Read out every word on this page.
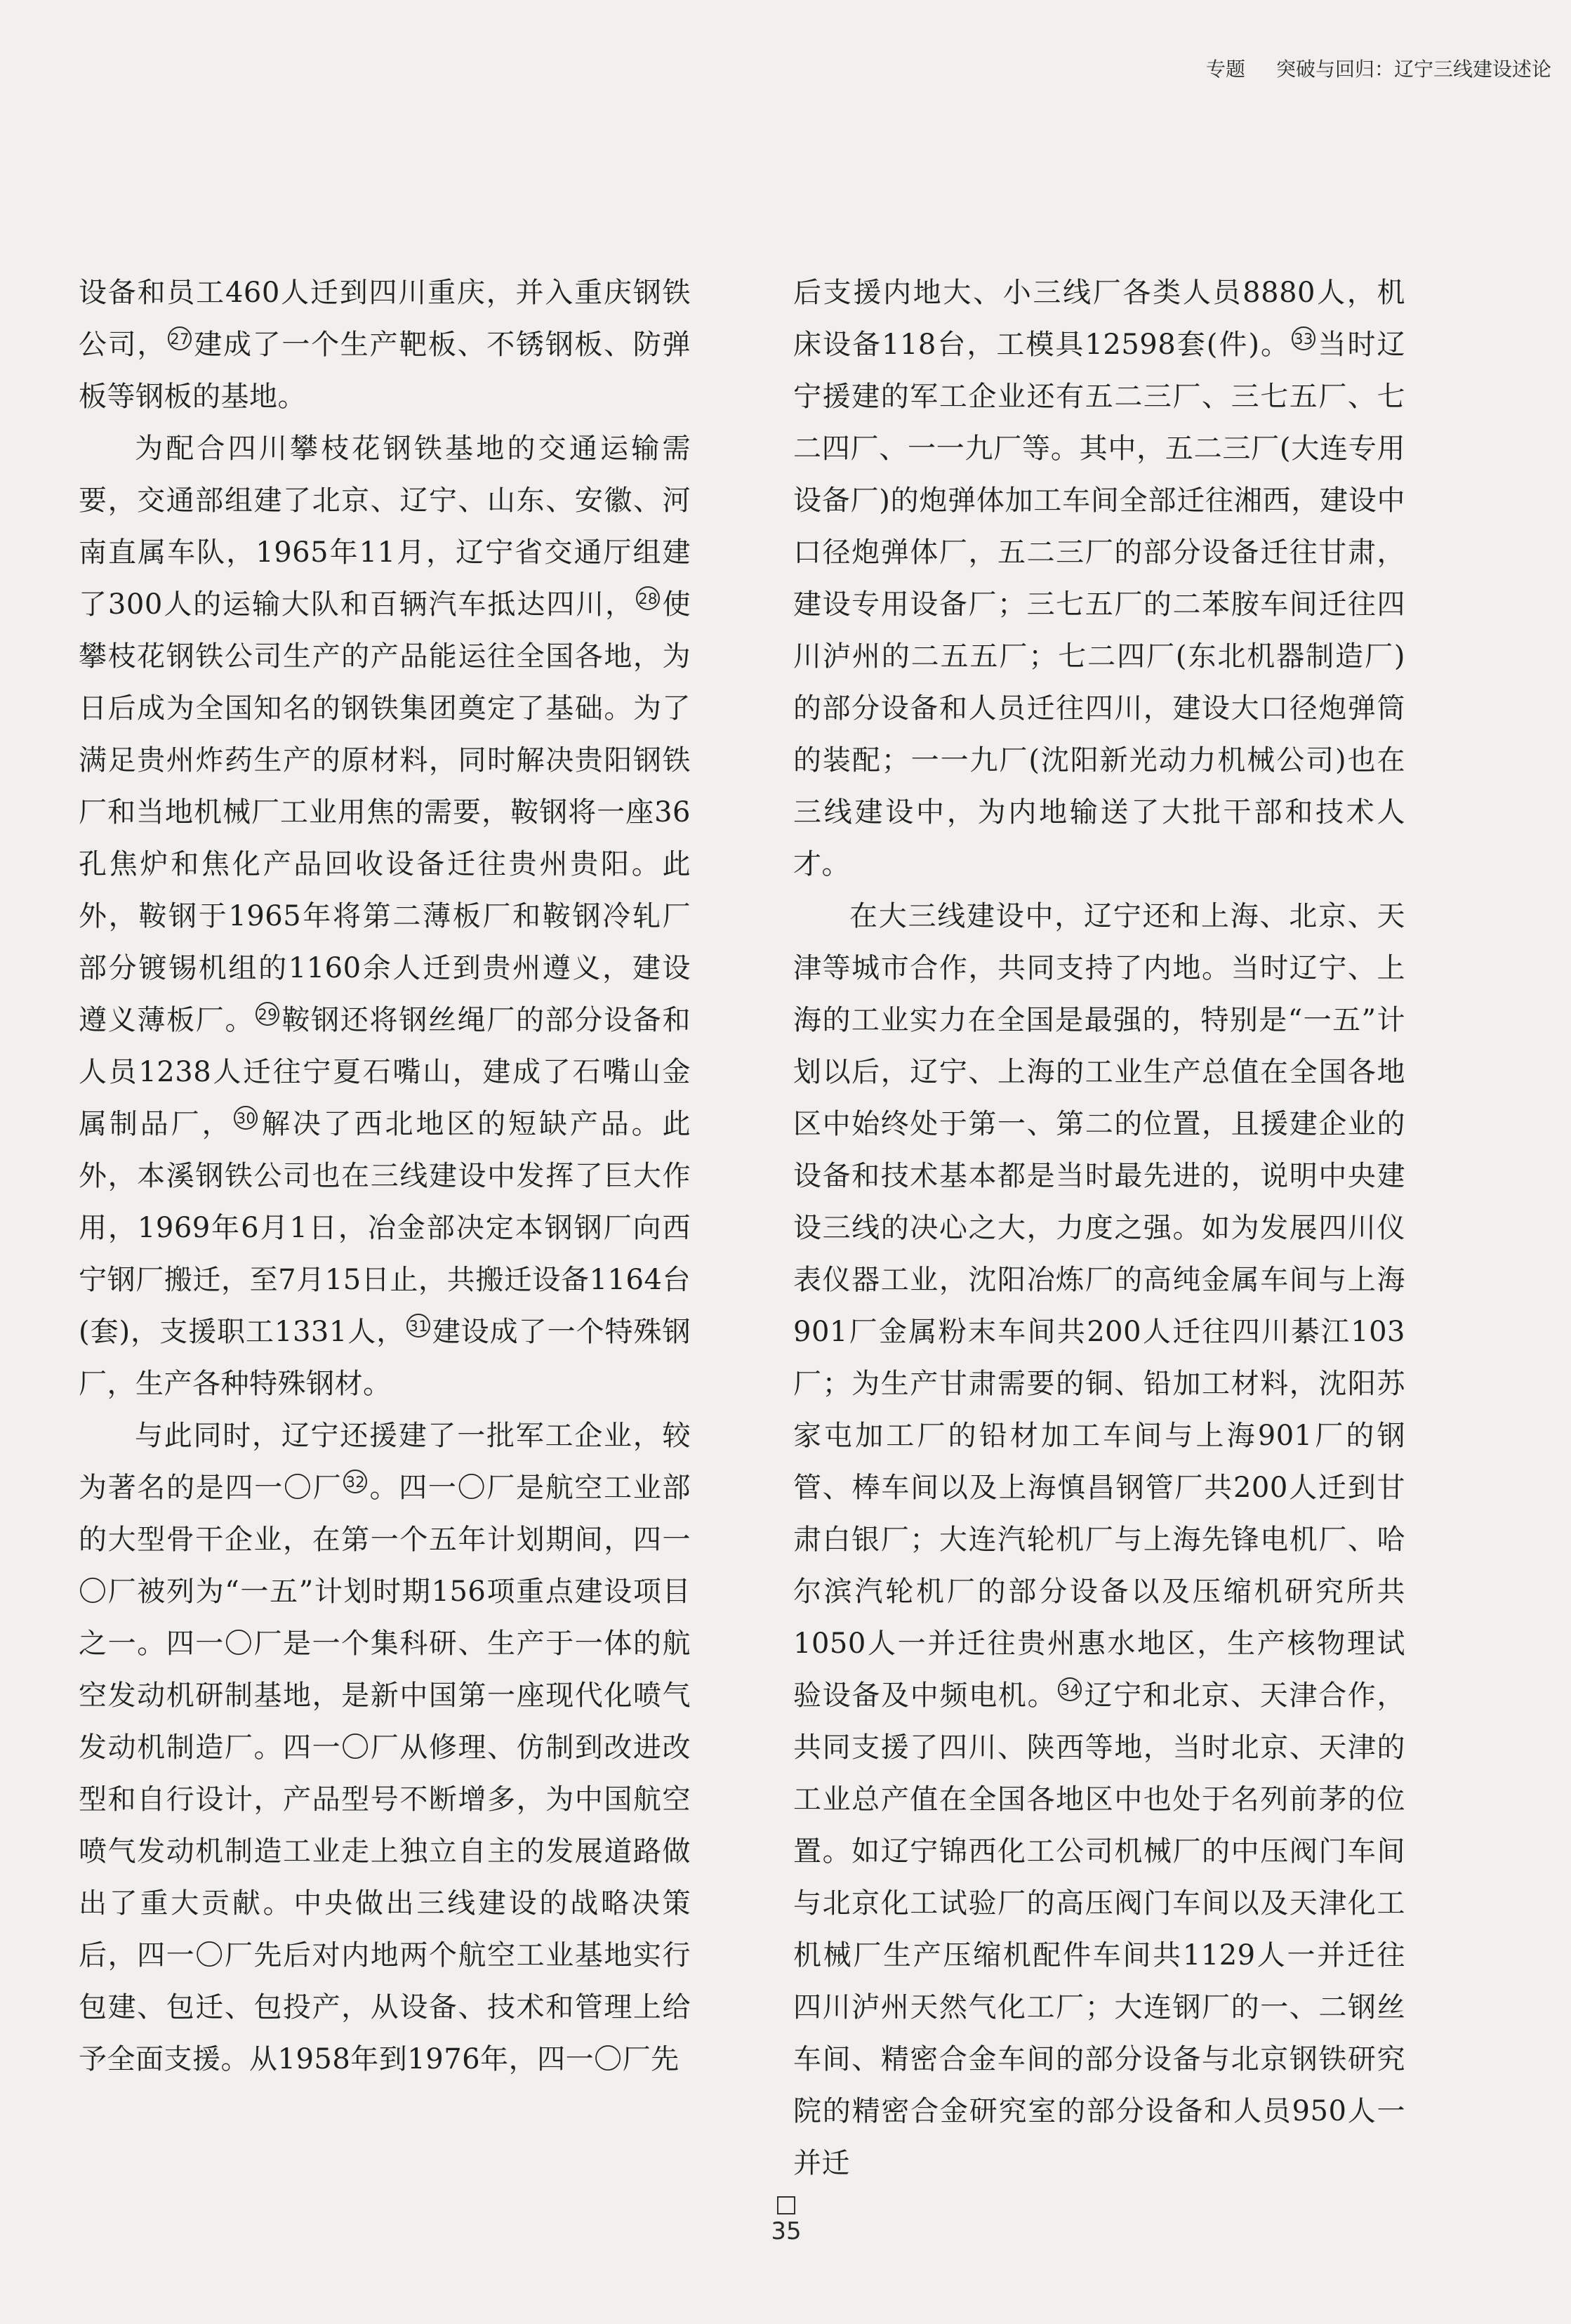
专题 突破与回归：辽宁三线建设述论

设备和员工460人迁到四川重庆，并入重庆钢铁公司， 27 建成了一个生产靶板、不锈钢板、防弹板等钢板的基地。

为配合四川攀枝花钢铁基地的交通运输需要，交通部组建了北京、辽宁、山东、安徽、河南直属车队，1965年11月，辽宁省交通厅组建了300人的运输大队和百辆汽车抵达四川， 28 使攀枝花钢铁公司生产的产品能运往全国各地，为日后成为全国知名的钢铁集团奠定了基础。为了满足贵州炸药生产的原材料，同时解决贵阳钢铁厂和当地机械厂工业用焦的需要，鞍钢将一座36孔焦炉和焦化产品回收设备迁往贵州贵阳。此外，鞍钢于1965年将第二薄板厂和鞍钢冷轧厂部分镀锡机组的1160余人迁到贵州遵义，建设遵义薄板厂。 29 鞍钢还将钢丝绳厂的部分设备和人员1238人迁往宁夏石嘴山，建成了石嘴山金属制品厂， 30 解决了西北地区的短缺产品。此外，本溪钢铁公司也在三线建设中发挥了巨大作用，1969年6月1日，冶金部决定本钢钢厂向西宁钢厂搬迁，至7月15日止，共搬迁设备1164台(套)，支援职工1331人， 31 建设成了一个特殊钢厂，生产各种特殊钢材。

与此同时，辽宁还援建了一批军工企业，较为著名的是四一〇厂 32 。四一〇厂是航空工业部的大型骨干企业，在第一个五年计划期间，四一〇厂被列为“一五”计划时期156项重点建设项目之一。四一〇厂是一个集科研、生产于一体的航空发动机研制基地，是新中国第一座现代化喷气发动机制造厂。四一〇厂从修理、仿制到改进改型和自行设计，产品型号不断增多，为中国航空喷气发动机制造工业走上独立自主的发展道路做出了重大贡献。中央做出三线建设的战略决策后，四一〇厂先后对内地两个航空工业基地实行包建、包迁、包投产，从设备、技术和管理上给予全面支援。从1958年到1976年，四一〇厂先

后支援内地大、小三线厂各类人员8880人，机床设备118台，工模具12598套(件)。 33 当时辽宁援建的军工企业还有五二三厂、三七五厂、七二四厂、一一九厂等。其中，五二三厂(大连专用设备厂)的炮弹体加工车间全部迁往湘西，建设中口径炮弹体厂，五二三厂的部分设备迁往甘肃，建设专用设备厂；三七五厂的二苯胺车间迁往四川泸州的二五五厂；七二四厂(东北机器制造厂)的部分设备和人员迁往四川，建设大口径炮弹筒的装配；一一九厂(沈阳新光动力机械公司)也在三线建设中，为内地输送了大批干部和技术人才。

在大三线建设中，辽宁还和上海、北京、天津等城市合作，共同支持了内地。当时辽宁、上海的工业实力在全国是最强的，特别是“一五”计划以后，辽宁、上海的工业生产总值在全国各地区中始终处于第一、第二的位置，且援建企业的设备和技术基本都是当时最先进的，说明中央建设三线的决心之大，力度之强。如为发展四川仪表仪器工业，沈阳冶炼厂的高纯金属车间与上海901厂金属粉末车间共200人迁往四川綦江103厂；为生产甘肃需要的铜、铅加工材料，沈阳苏家屯加工厂的铅材加工车间与上海901厂的钢管、棒车间以及上海慎昌钢管厂共200人迁到甘肃白银厂；大连汽轮机厂与上海先锋电机厂、哈尔滨汽轮机厂的部分设备以及压缩机研究所共1050人一并迁往贵州惠水地区，生产核物理试验设备及中频电机。 34 辽宁和北京、天津合作，共同支援了四川、陕西等地，当时北京、天津的工业总产值在全国各地区中也处于名列前茅的位置。如辽宁锦西化工公司机械厂的中压阀门车间与北京化工试验厂的高压阀门车间以及天津化工机械厂生产压缩机配件车间共1129人一并迁往四川泸州天然气化工厂；大连钢厂的一、二钢丝车间、精密合金车间的部分设备与北京钢铁研究院的精密合金研究室的部分设备和人员950人一并迁

35
